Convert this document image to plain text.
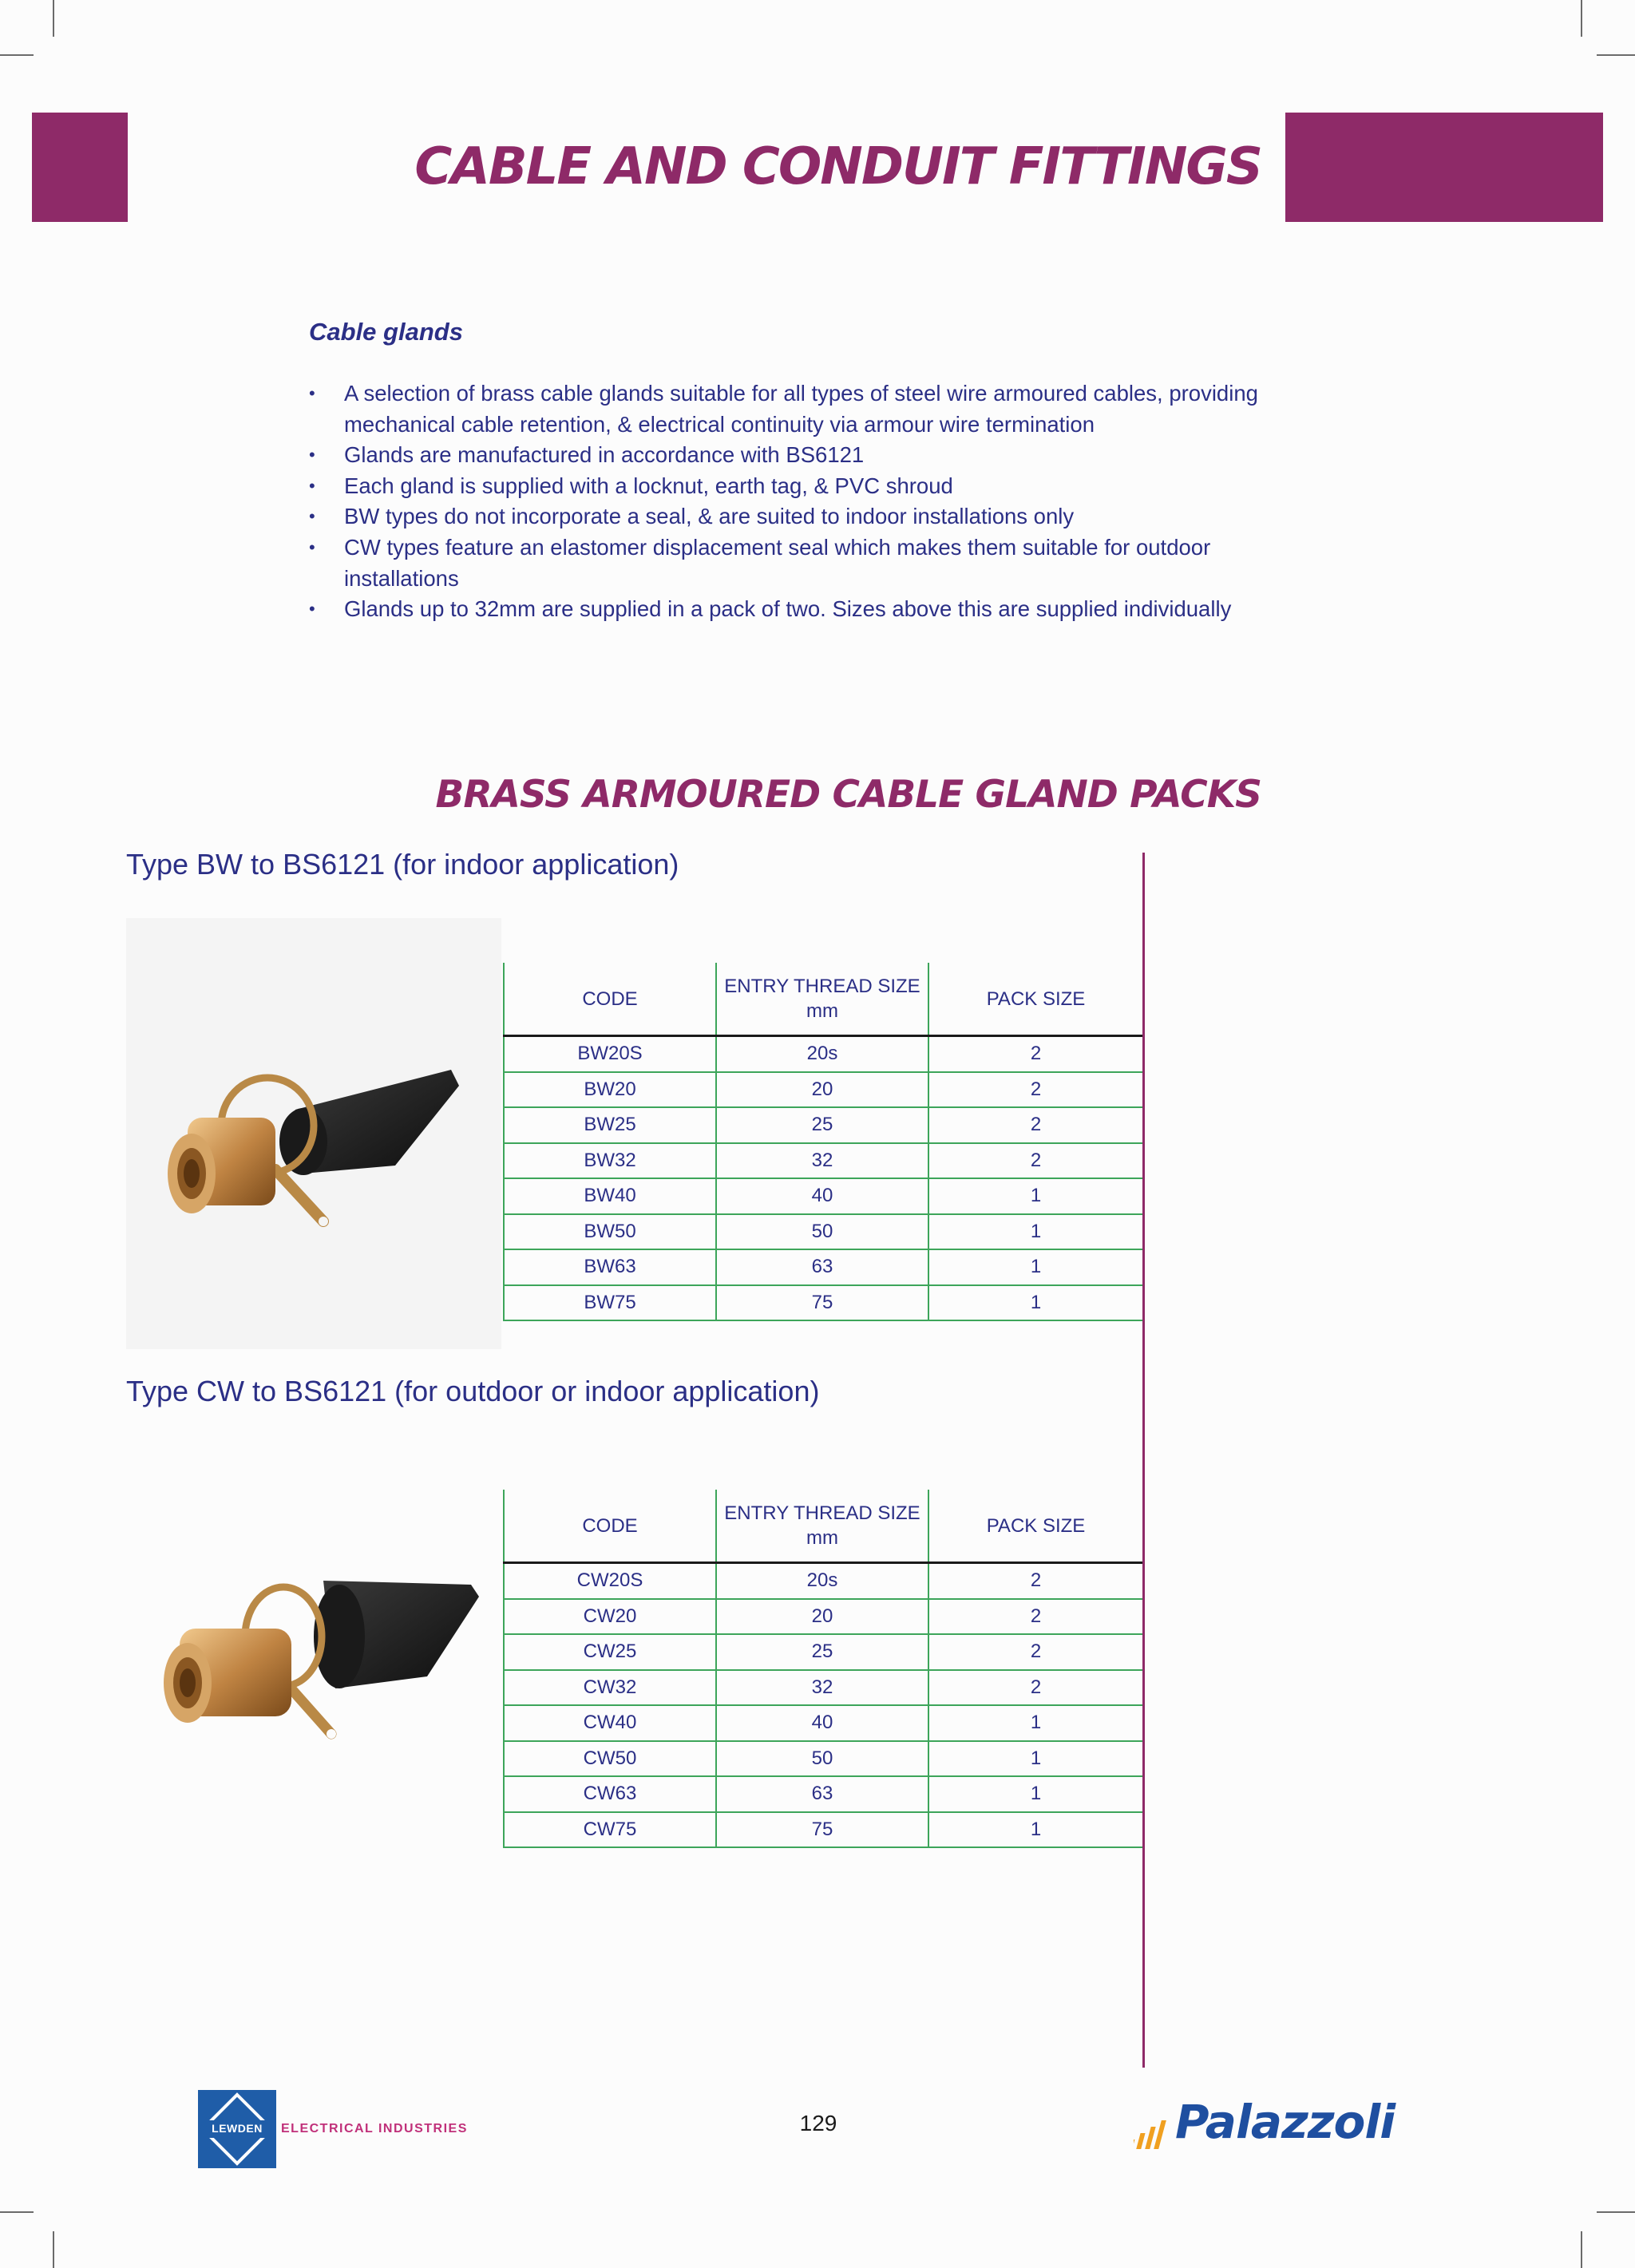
CABLE AND CONDUIT FITTINGS
Cable glands
• A selection of brass cable glands suitable for all types of steel wire armoured cables, providing mechanical cable retention, & electrical continuity via armour wire termination
• Glands are manufactured in accordance with BS6121
• Each gland is supplied with a locknut, earth tag, & PVC shroud
• BW types do not incorporate a seal, & are suited to indoor installations only
• CW types feature an elastomer displacement seal which makes them suitable for outdoor installations
• Glands up to 32mm are supplied in a pack of two. Sizes above this are supplied individually
BRASS ARMOURED CABLE GLAND PACKS
Type BW to BS6121 (for indoor application)
CODE	ENTRY THREAD SIZE mm	PACK SIZE
BW20S	20s	2
BW20	20	2
BW25	25	2
BW32	32	2
BW40	40	1
BW50	50	1
BW63	63	1
BW75	75	1
Type CW to BS6121 (for outdoor or indoor application)
CODE	ENTRY THREAD SIZE mm	PACK SIZE
CW20S	20s	2
CW20	20	2
CW25	25	2
CW32	32	2
CW40	40	1
CW50	50	1
CW63	63	1
CW75	75	1
LEWDEN	ELECTRICAL INDUSTRIES	129	Palazzoli
